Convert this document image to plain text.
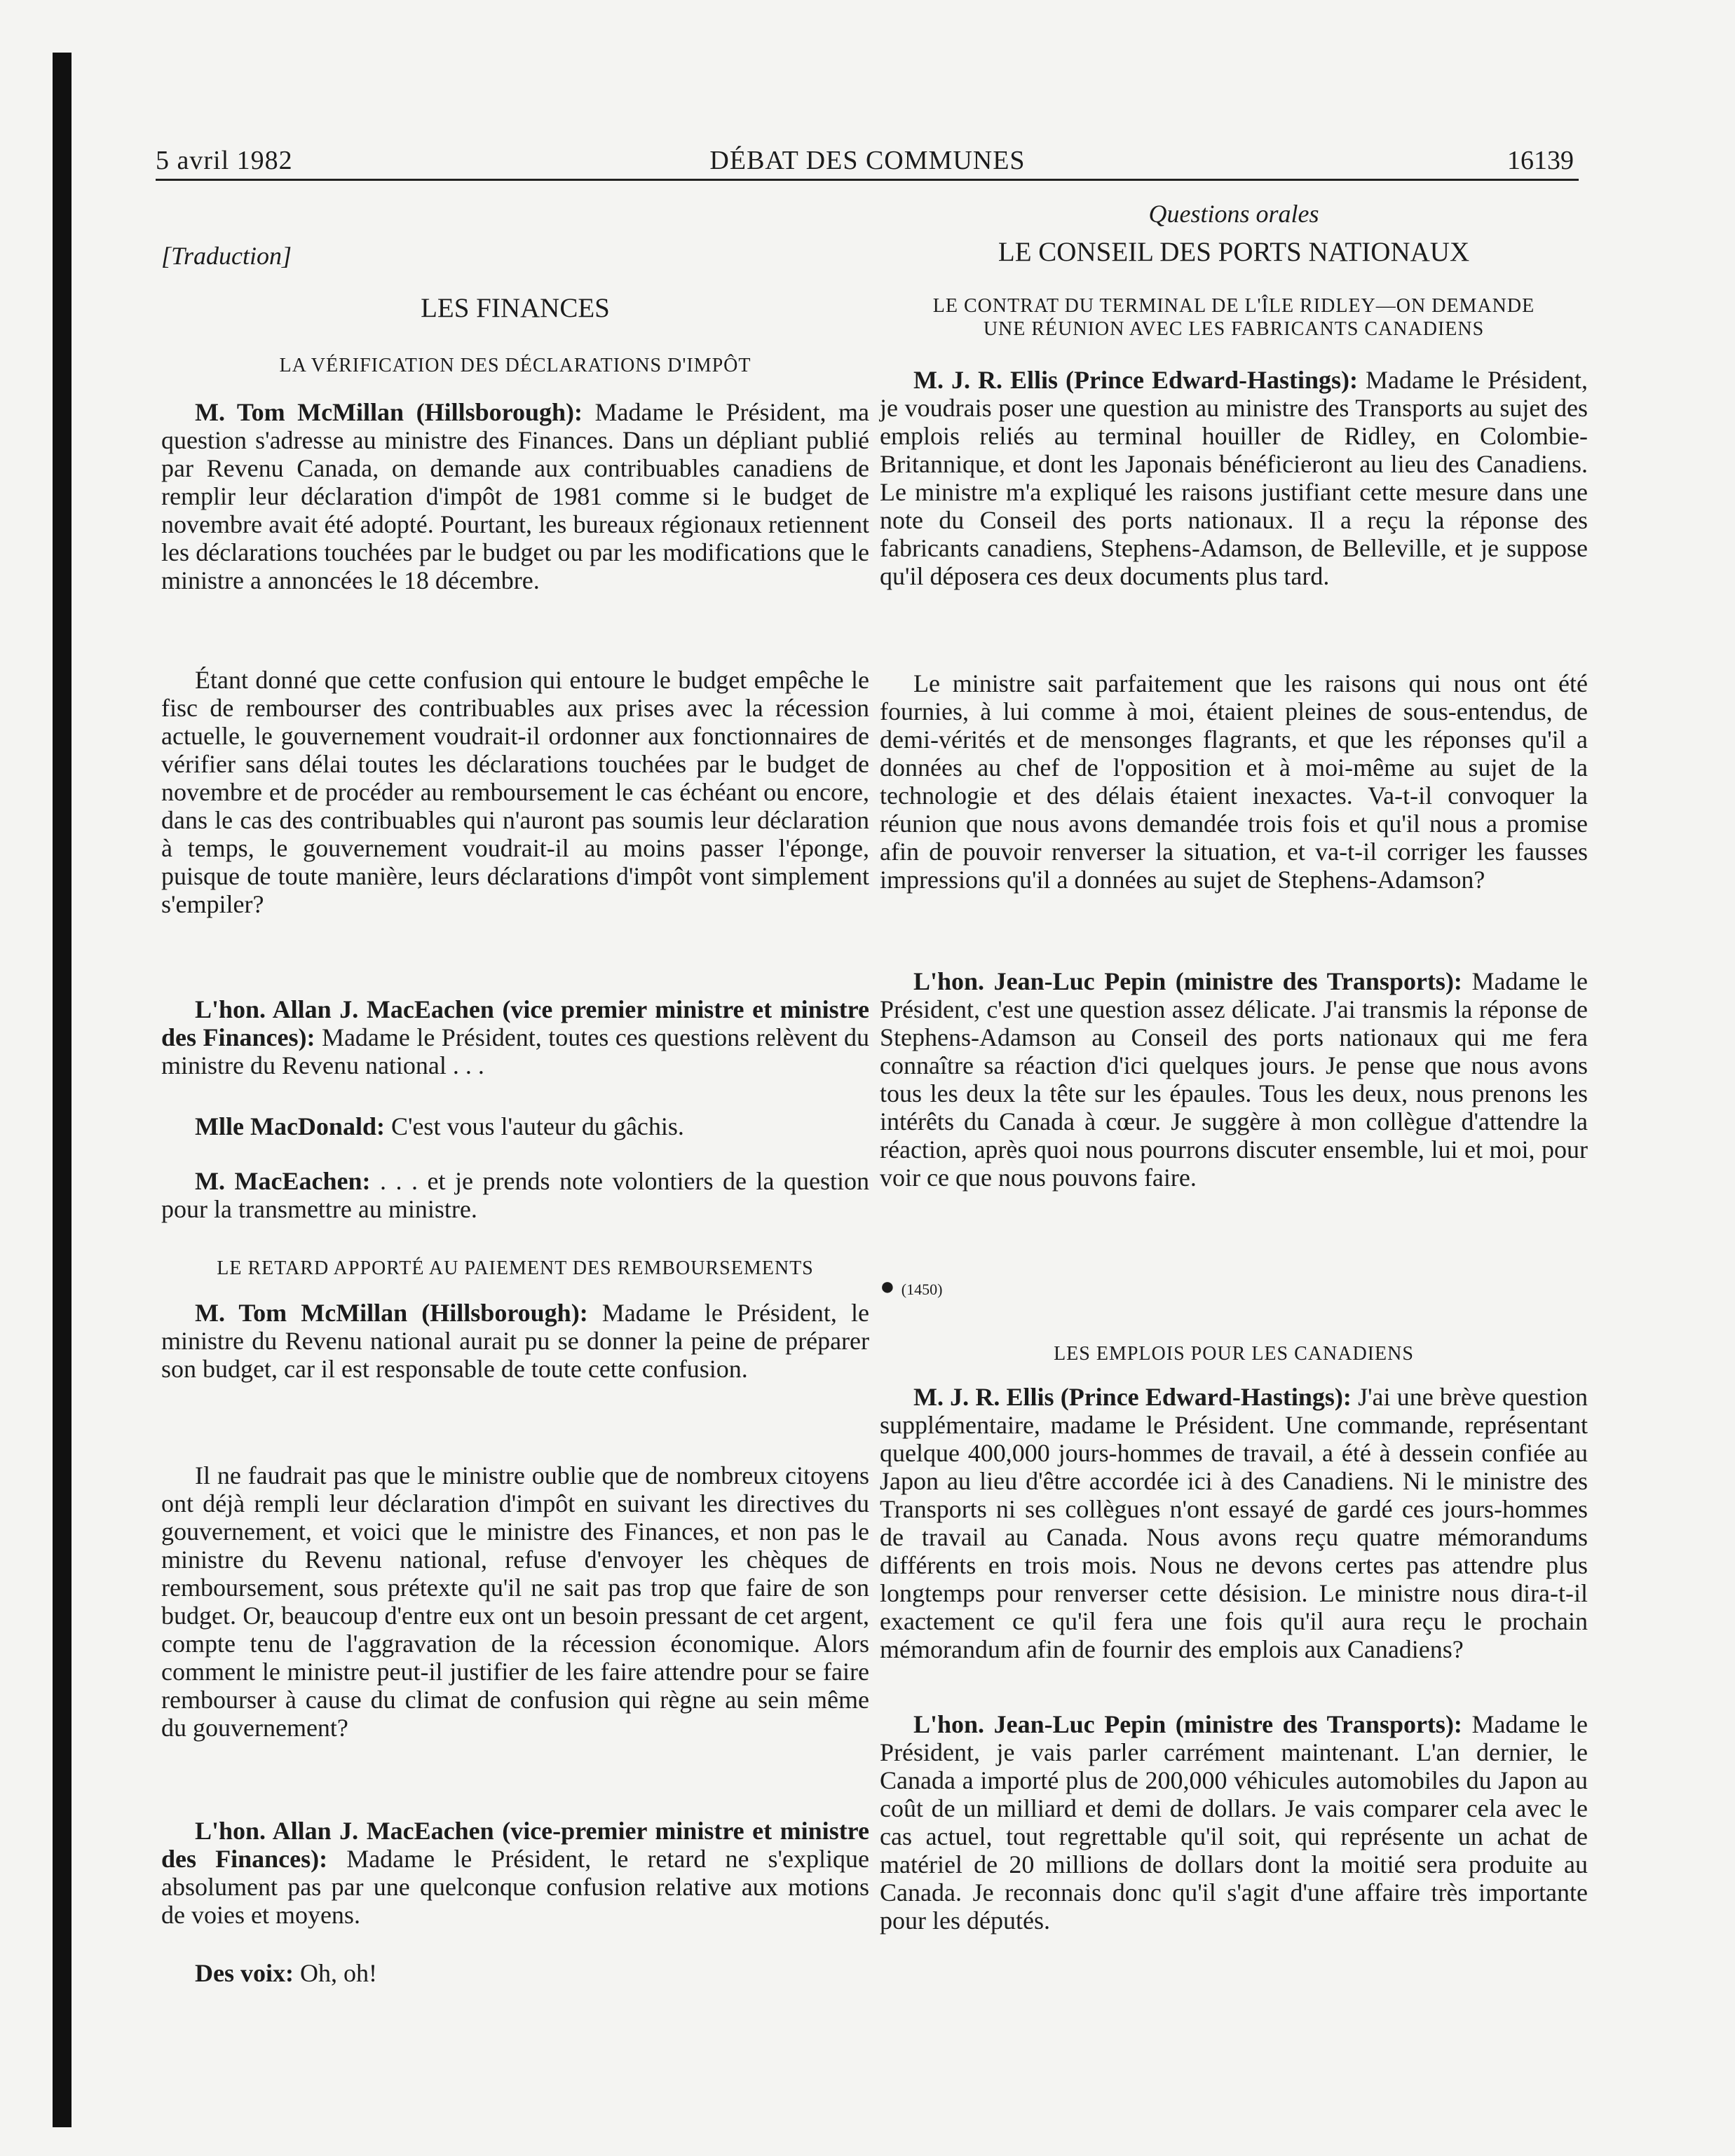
5 avril 1982	DÉBAT DES COMMUNES	16139
[Traduction]
LES FINANCES
LA VÉRIFICATION DES DÉCLARATIONS D'IMPÔT
M. Tom McMillan (Hillsborough): Madame le Président, ma question s'adresse au ministre des Finances. Dans un dépliant publié par Revenu Canada, on demande aux contribuables canadiens de remplir leur déclaration d'impôt de 1981 comme si le budget de novembre avait été adopté. Pourtant, les bureaux régionaux retiennent les déclarations touchées par le budget ou par les modifications que le ministre a annoncées le 18 décembre.
Étant donné que cette confusion qui entoure le budget empêche le fisc de rembourser des contribuables aux prises avec la récession actuelle, le gouvernement voudrait-il ordonner aux fonctionnaires de vérifier sans délai toutes les déclarations touchées par le budget de novembre et de procéder au remboursement le cas échéant ou encore, dans le cas des contribuables qui n'auront pas soumis leur déclaration à temps, le gouvernement voudrait-il au moins passer l'éponge, puisque de toute manière, leurs déclarations d'impôt vont simplement s'empiler?
L'hon. Allan J. MacEachen (vice premier ministre et ministre des Finances): Madame le Président, toutes ces questions relèvent du ministre du Revenu national . . .
Mlle MacDonald: C'est vous l'auteur du gâchis.
M. MacEachen: . . . et je prends note volontiers de la question pour la transmettre au ministre.
LE RETARD APPORTÉ AU PAIEMENT DES REMBOURSEMENTS
M. Tom McMillan (Hillsborough): Madame le Président, le ministre du Revenu national aurait pu se donner la peine de préparer son budget, car il est responsable de toute cette confusion.
Il ne faudrait pas que le ministre oublie que de nombreux citoyens ont déjà rempli leur déclaration d'impôt en suivant les directives du gouvernement, et voici que le ministre des Finances, et non pas le ministre du Revenu national, refuse d'envoyer les chèques de remboursement, sous prétexte qu'il ne sait pas trop que faire de son budget. Or, beaucoup d'entre eux ont un besoin pressant de cet argent, compte tenu de l'aggravation de la récession économique. Alors comment le ministre peut-il justifier de les faire attendre pour se faire rembourser à cause du climat de confusion qui règne au sein même du gouvernement?
L'hon. Allan J. MacEachen (vice-premier ministre et ministre des Finances): Madame le Président, le retard ne s'explique absolument pas par une quelconque confusion relative aux motions de voies et moyens.
Des voix: Oh, oh!
Questions orales
LE CONSEIL DES PORTS NATIONAUX
LE CONTRAT DU TERMINAL DE L'ÎLE RIDLEY—ON DEMANDE
UNE RÉUNION AVEC LES FABRICANTS CANADIENS
M. J. R. Ellis (Prince Edward-Hastings): Madame le Président, je voudrais poser une question au ministre des Transports au sujet des emplois reliés au terminal houiller de Ridley, en Colombie-Britannique, et dont les Japonais bénéficieront au lieu des Canadiens. Le ministre m'a expliqué les raisons justifiant cette mesure dans une note du Conseil des ports nationaux. Il a reçu la réponse des fabricants canadiens, Stephens-Adamson, de Belleville, et je suppose qu'il déposera ces deux documents plus tard.
Le ministre sait parfaitement que les raisons qui nous ont été fournies, à lui comme à moi, étaient pleines de sous-entendus, de demi-vérités et de mensonges flagrants, et que les réponses qu'il a données au chef de l'opposition et à moi-même au sujet de la technologie et des délais étaient inexactes. Va-t-il convoquer la réunion que nous avons demandée trois fois et qu'il nous a promise afin de pouvoir renverser la situation, et va-t-il corriger les fausses impressions qu'il a données au sujet de Stephens-Adamson?
L'hon. Jean-Luc Pepin (ministre des Transports): Madame le Président, c'est une question assez délicate. J'ai transmis la réponse de Stephens-Adamson au Conseil des ports nationaux qui me fera connaître sa réaction d'ici quelques jours. Je pense que nous avons tous les deux la tête sur les épaules. Tous les deux, nous prenons les intérêts du Canada à cœur. Je suggère à mon collègue d'attendre la réaction, après quoi nous pourrons discuter ensemble, lui et moi, pour voir ce que nous pouvons faire.
● (1450)
LES EMPLOIS POUR LES CANADIENS
M. J. R. Ellis (Prince Edward-Hastings): J'ai une brève question supplémentaire, madame le Président. Une commande, représentant quelque 400,000 jours-hommes de travail, a été à dessein confiée au Japon au lieu d'être accordée ici à des Canadiens. Ni le ministre des Transports ni ses collègues n'ont essayé de gardé ces jours-hommes de travail au Canada. Nous avons reçu quatre mémorandums différents en trois mois. Nous ne devons certes pas attendre plus longtemps pour renverser cette désision. Le ministre nous dira-t-il exactement ce qu'il fera une fois qu'il aura reçu le prochain mémorandum afin de fournir des emplois aux Canadiens?
L'hon. Jean-Luc Pepin (ministre des Transports): Madame le Président, je vais parler carrément maintenant. L'an dernier, le Canada a importé plus de 200,000 véhicules automobiles du Japon au coût de un milliard et demi de dollars. Je vais comparer cela avec le cas actuel, tout regrettable qu'il soit, qui représente un achat de matériel de 20 millions de dollars dont la moitié sera produite au Canada. Je reconnais donc qu'il s'agit d'une affaire très importante pour les députés.
